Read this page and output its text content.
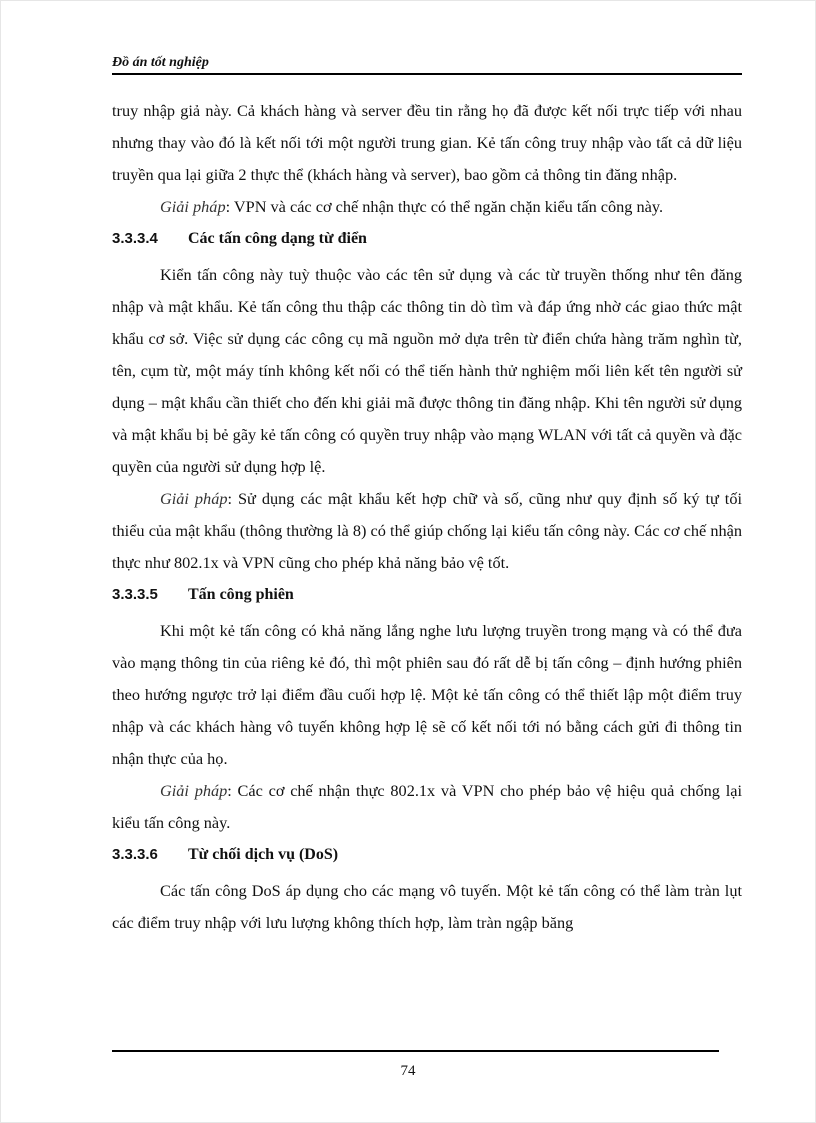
Đồ án tốt nghiệp

truy nhập giả này. Cả khách hàng và server đều tin rằng họ đã được kết nối trực tiếp với nhau nhưng thay vào đó là kết nối tới một người trung gian. Kẻ tấn công truy nhập vào tất cả dữ liệu truyền qua lại giữa 2 thực thể (khách hàng và server), bao gồm cả thông tin đăng nhập.

Giải pháp: VPN và các cơ chế nhận thực có thể ngăn chặn kiểu tấn công này.

3.3.3.4	Các tấn công dạng từ điển

Kiển tấn công này tuỳ thuộc vào các tên sử dụng và các từ truyền thống như tên đăng nhập và mật khẩu. Kẻ tấn công thu thập các thông tin dò tìm và đáp ứng nhờ các giao thức mật khẩu cơ sở. Việc sử dụng các công cụ mã nguồn mở dựa trên từ điển chứa hàng trăm nghìn từ, tên, cụm từ, một máy tính không kết nối có thể tiến hành thử nghiệm mối liên kết tên người sử dụng – mật khẩu cần thiết cho đến khi giải mã được thông tin đăng nhập. Khi tên người sử dụng và mật khẩu bị bẻ gãy kẻ tấn công có quyền truy nhập vào mạng WLAN với tất cả quyền và đặc quyền của người sử dụng hợp lệ.

Giải pháp: Sử dụng các mật khẩu kết hợp chữ và số, cũng như quy định số ký tự tối thiểu của mật khẩu (thông thường là 8) có thể giúp chống lại kiểu tấn công này. Các cơ chế nhận thực như 802.1x và VPN cũng cho phép khả năng bảo vệ tốt.

3.3.3.5	Tấn công phiên

Khi một kẻ tấn công có khả năng lắng nghe lưu lượng truyền trong mạng và có thể đưa vào mạng thông tin của riêng kẻ đó, thì một phiên sau đó rất dễ bị tấn công – định hướng phiên theo hướng ngược trở lại điểm đầu cuối hợp lệ. Một kẻ tấn công có thể thiết lập một điểm truy nhập và các khách hàng vô tuyến không hợp lệ sẽ cố kết nối tới nó bằng cách gửi đi thông tin nhận thực của họ.

Giải pháp: Các cơ chế nhận thực 802.1x và VPN cho phép bảo vệ hiệu quả chống lại kiểu tấn công này.

3.3.3.6	Từ chối dịch vụ (DoS)

Các tấn công DoS áp dụng cho các mạng vô tuyến. Một kẻ tấn công có thể làm tràn lụt các điểm truy nhập với lưu lượng không thích hợp, làm tràn ngập băng

74
